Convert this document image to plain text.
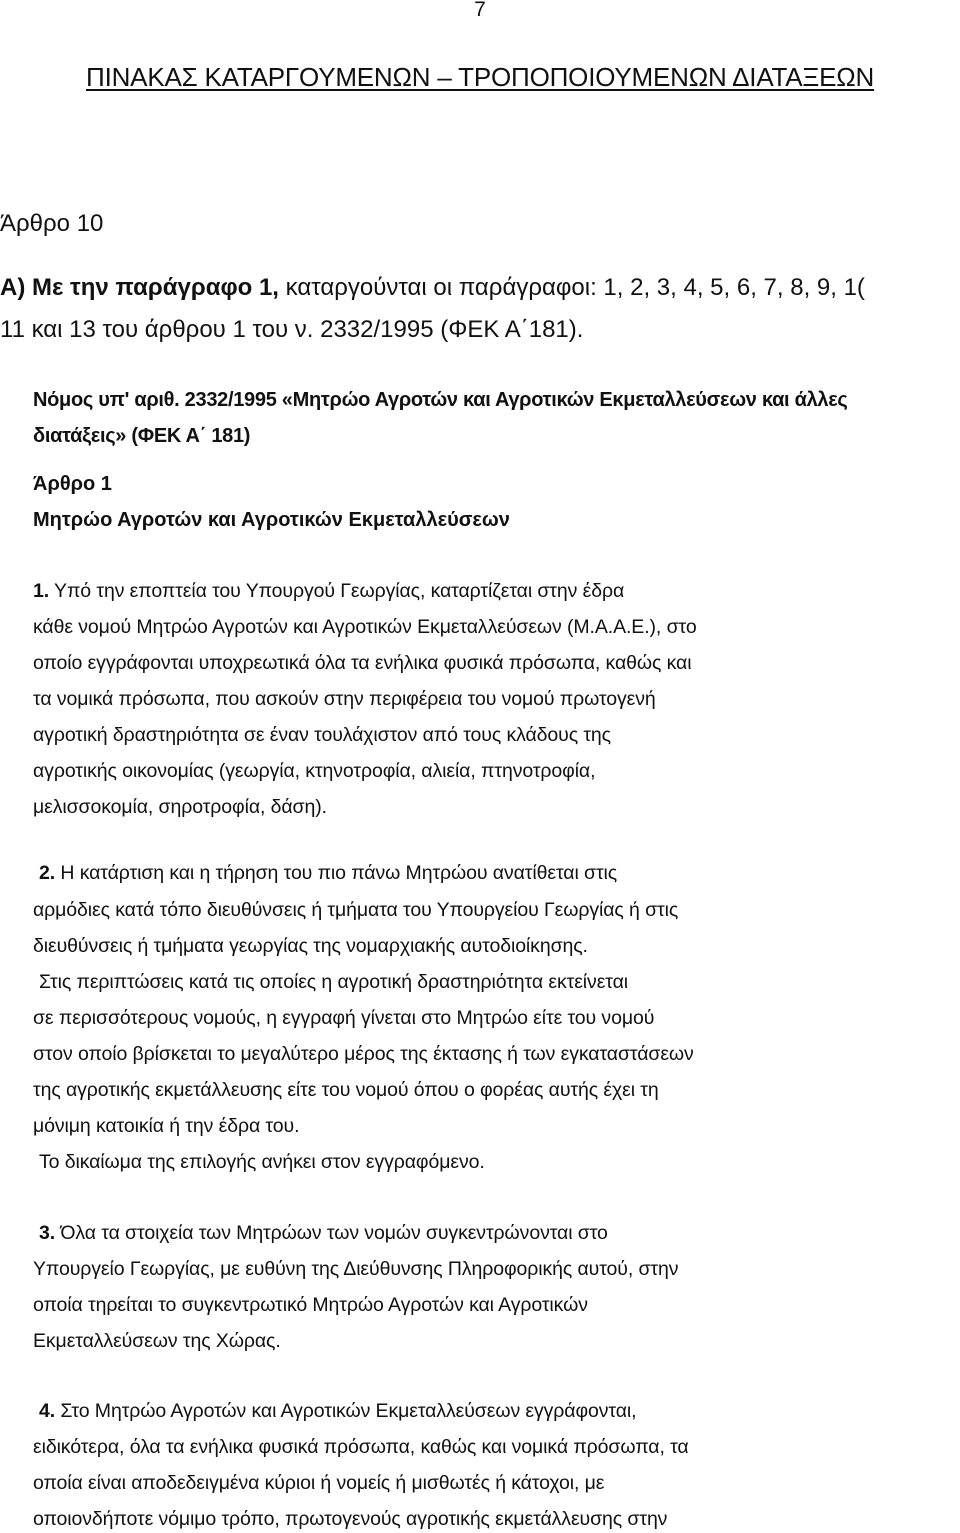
7
ΠΙΝΑΚΑΣ ΚΑΤΑΡΓΟΥΜΕΝΩΝ – ΤΡΟΠΟΠΟΙΟΥΜΕΝΩΝ ΔΙΑΤΑΞΕΩΝ
Άρθρο 10
Α) Με την παράγραφο 1, καταργούνται οι παράγραφοι: 1, 2, 3, 4, 5, 6, 7, 8, 9, 1(
11 και 13 του άρθρου 1 του ν. 2332/1995 (ΦΕΚ Α΄181).
Νόμος υπ' αριθ. 2332/1995 «Μητρώο Αγροτών και Αγροτικών Εκμεταλλεύσεων και άλλες
διατάξεις» (ΦΕΚ Α΄ 181)
Άρθρο 1
Μητρώο Αγροτών και Αγροτικών Εκμεταλλεύσεων
1. Υπό την εποπτεία του Υπουργού Γεωργίας, καταρτίζεται στην έδρα
κάθε νομού Μητρώο Αγροτών και Αγροτικών Εκμεταλλεύσεων (Μ.Α.Α.Ε.), στο
οποίο εγγράφονται υποχρεωτικά όλα τα ενήλικα φυσικά πρόσωπα, καθώς και
τα νομικά πρόσωπα, που ασκούν στην περιφέρεια του νομού πρωτογενή
αγροτική δραστηριότητα σε έναν τουλάχιστον από τους κλάδους της
αγροτικής οικονομίας (γεωργία, κτηνοτροφία, αλιεία, πτηνοτροφία,
μελισσοκομία, σηροτροφία, δάση).
2. Η κατάρτιση και η τήρηση του πιο πάνω Μητρώου ανατίθεται στις
αρμόδιες κατά τόπο διευθύνσεις ή τμήματα του Υπουργείου Γεωργίας ή στις
διευθύνσεις ή τμήματα γεωργίας της νομαρχιακής αυτοδιοίκησης.
Στις περιπτώσεις κατά τις οποίες η αγροτική δραστηριότητα εκτείνεται
σε περισσότερους νομούς, η εγγραφή γίνεται στο Μητρώο είτε του νομού
στον οποίο βρίσκεται το μεγαλύτερο μέρος της έκτασης ή των εγκαταστάσεων
της αγροτικής εκμετάλλευσης είτε του νομού όπου ο φορέας αυτής έχει τη
μόνιμη κατοικία ή την έδρα του.
Το δικαίωμα της επιλογής ανήκει στον εγγραφόμενο.
3. Όλα τα στοιχεία των Μητρώων των νομών συγκεντρώνονται στο
Υπουργείο Γεωργίας, με ευθύνη της Διεύθυνσης Πληροφορικής αυτού, στην
οποία τηρείται το συγκεντρωτικό Μητρώο Αγροτών και Αγροτικών
Εκμεταλλεύσεων της Χώρας.
4. Στο Μητρώο Αγροτών και Αγροτικών Εκμεταλλεύσεων εγγράφονται,
ειδικότερα, όλα τα ενήλικα φυσικά πρόσωπα, καθώς και νομικά πρόσωπα, τα
οποία είναι αποδεδειγμένα κύριοι ή νομείς ή μισθωτές ή κάτοχοι, με
οποιονδήποτε νόμιμο τρόπο, πρωτογενούς αγροτικής εκμετάλλευσης στην
